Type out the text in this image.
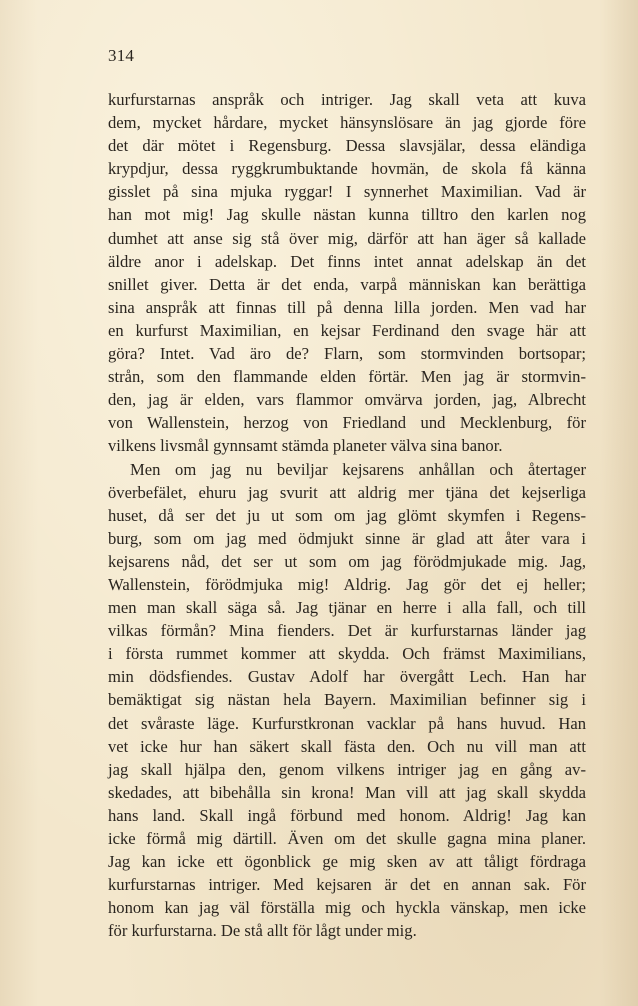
314
kurfurstarnas anspråk och intriger. Jag skall veta att kuva
dem, mycket hårdare, mycket hänsynslösare än jag gjorde före
det där mötet i Regensburg. Dessa slavsjälar, dessa eländiga
krypdjur, dessa ryggkrumbuktande hovmän, de skola få känna
gisslet på sina mjuka ryggar! I synnerhet Maximilian. Vad är
han mot mig! Jag skulle nästan kunna tilltro den karlen nog
dumhet att anse sig stå över mig, därför att han äger så kallade
äldre anor i adelskap. Det finns intet annat adelskap än det
snillet giver. Detta är det enda, varpå människan kan berättiga
sina anspråk att finnas till på denna lilla jorden. Men vad har
en kurfurst Maximilian, en kejsar Ferdinand den svage här att
göra? Intet. Vad äro de? Flarn, som stormvinden bortsopar;
strån, som den flammande elden förtär. Men jag är stormvin-
den, jag är elden, vars flammor omvärva jorden, jag, Albrecht
von Wallenstein, herzog von Friedland und Mecklenburg, för
vilkens livsmål gynnsamt stämda planeter välva sina banor.
Men om jag nu beviljar kejsarens anhållan och återtager
överbefälet, ehuru jag svurit att aldrig mer tjäna det kejserliga
huset, då ser det ju ut som om jag glömt skymfen i Regens-
burg, som om jag med ödmjukt sinne är glad att åter vara i
kejsarens nåd, det ser ut som om jag förödmjukade mig. Jag,
Wallenstein, förödmjuka mig! Aldrig. Jag gör det ej heller;
men man skall säga så. Jag tjänar en herre i alla fall, och till
vilkas förmån? Mina fienders. Det är kurfurstarnas länder jag
i första rummet kommer att skydda. Och främst Maximilians,
min dödsfiendes. Gustav Adolf har övergått Lech. Han har
bemäktigat sig nästan hela Bayern. Maximilian befinner sig i
det svåraste läge. Kurfurstkronan vacklar på hans huvud. Han
vet icke hur han säkert skall fästa den. Och nu vill man att
jag skall hjälpa den, genom vilkens intriger jag en gång av-
skedades, att bibehålla sin krona! Man vill att jag skall skydda
hans land. Skall ingå förbund med honom. Aldrig! Jag kan
icke förmå mig därtill. Även om det skulle gagna mina planer.
Jag kan icke ett ögonblick ge mig sken av att tåligt fördraga
kurfurstarnas intriger. Med kejsaren är det en annan sak. För
honom kan jag väl förställa mig och hyckla vänskap, men icke
för kurfurstarna. De stå allt för lågt under mig.
